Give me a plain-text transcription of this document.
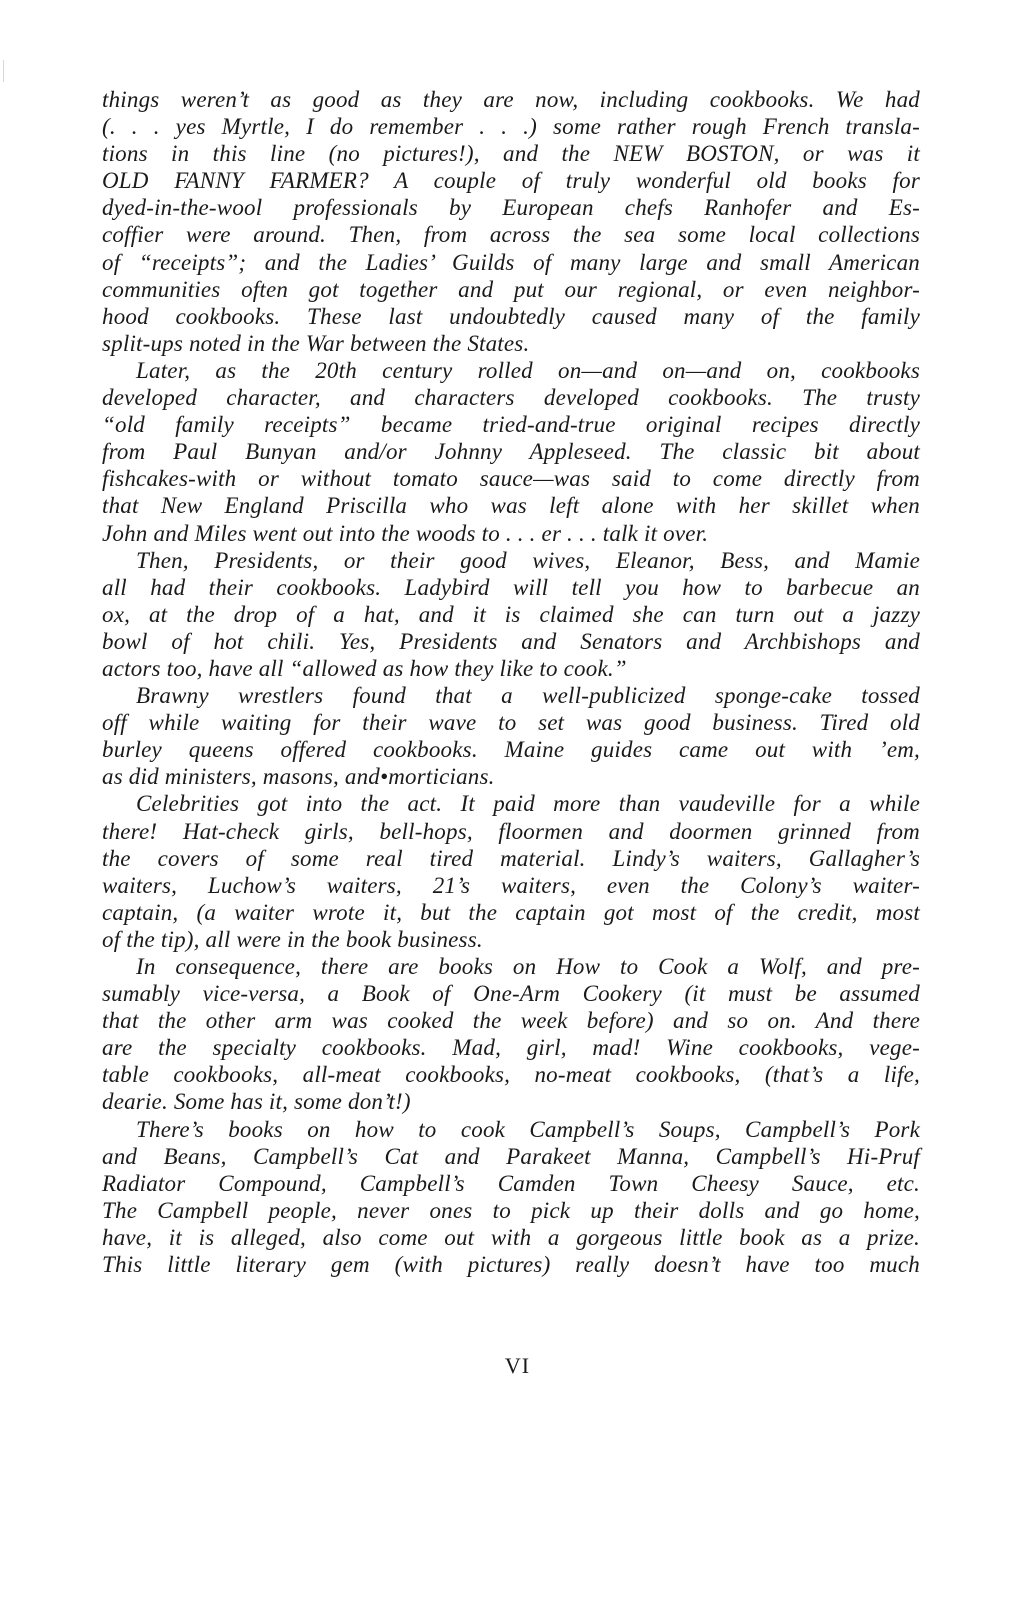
things weren’t as good as they are now, including cookbooks. We had
(. . . yes Myrtle, I do remember . . .) some rather rough French transla-
tions in this line (no pictures!), and the NEW BOSTON, or was it
OLD FANNY FARMER? A couple of truly wonderful old books for
dyed-in-the-wool professionals by European chefs Ranhofer and Es-
coffier were around. Then, from across the sea some local collections
of “receipts”; and the Ladies’ Guilds of many large and small American
communities often got together and put our regional, or even neighbor-
hood cookbooks. These last undoubtedly caused many of the family
split-ups noted in the War between the States.
Later, as the 20th century rolled on—and on—and on, cookbooks
developed character, and characters developed cookbooks. The trusty
“old family receipts” became tried-and-true original recipes directly
from Paul Bunyan and/or Johnny Appleseed. The classic bit about
fishcakes-with or without tomato sauce—was said to come directly from
that New England Priscilla who was left alone with her skillet when
John and Miles went out into the woods to . . . er . . . talk it over.
Then, Presidents, or their good wives, Eleanor, Bess, and Mamie
all had their cookbooks. Ladybird will tell you how to barbecue an
ox, at the drop of a hat, and it is claimed she can turn out a jazzy
bowl of hot chili. Yes, Presidents and Senators and Archbishops and
actors too, have all “allowed as how they like to cook.”
Brawny wrestlers found that a well-publicized sponge-cake tossed
off while waiting for their wave to set was good business. Tired old
burley queens offered cookbooks. Maine guides came out with ’em,
as did ministers, masons, and•morticians.
Celebrities got into the act. It paid more than vaudeville for a while
there! Hat-check girls, bell-hops, floormen and doormen grinned from
the covers of some real tired material. Lindy’s waiters, Gallagher’s
waiters, Luchow’s waiters, 21’s waiters, even the Colony’s waiter-
captain, (a waiter wrote it, but the captain got most of the credit, most
of the tip), all were in the book business.
In consequence, there are books on How to Cook a Wolf, and pre-
sumably vice-versa, a Book of One-Arm Cookery (it must be assumed
that the other arm was cooked the week before) and so on. And there
are the specialty cookbooks. Mad, girl, mad! Wine cookbooks, vege-
table cookbooks, all-meat cookbooks, no-meat cookbooks, (that’s a life,
dearie. Some has it, some don’t!)
There’s books on how to cook Campbell’s Soups, Campbell’s Pork
and Beans, Campbell’s Cat and Parakeet Manna, Campbell’s Hi-Pruf
Radiator Compound, Campbell’s Camden Town Cheesy Sauce, etc.
The Campbell people, never ones to pick up their dolls and go home,
have, it is alleged, also come out with a gorgeous little book as a prize.
This little literary gem (with pictures) really doesn’t have too much
VI
